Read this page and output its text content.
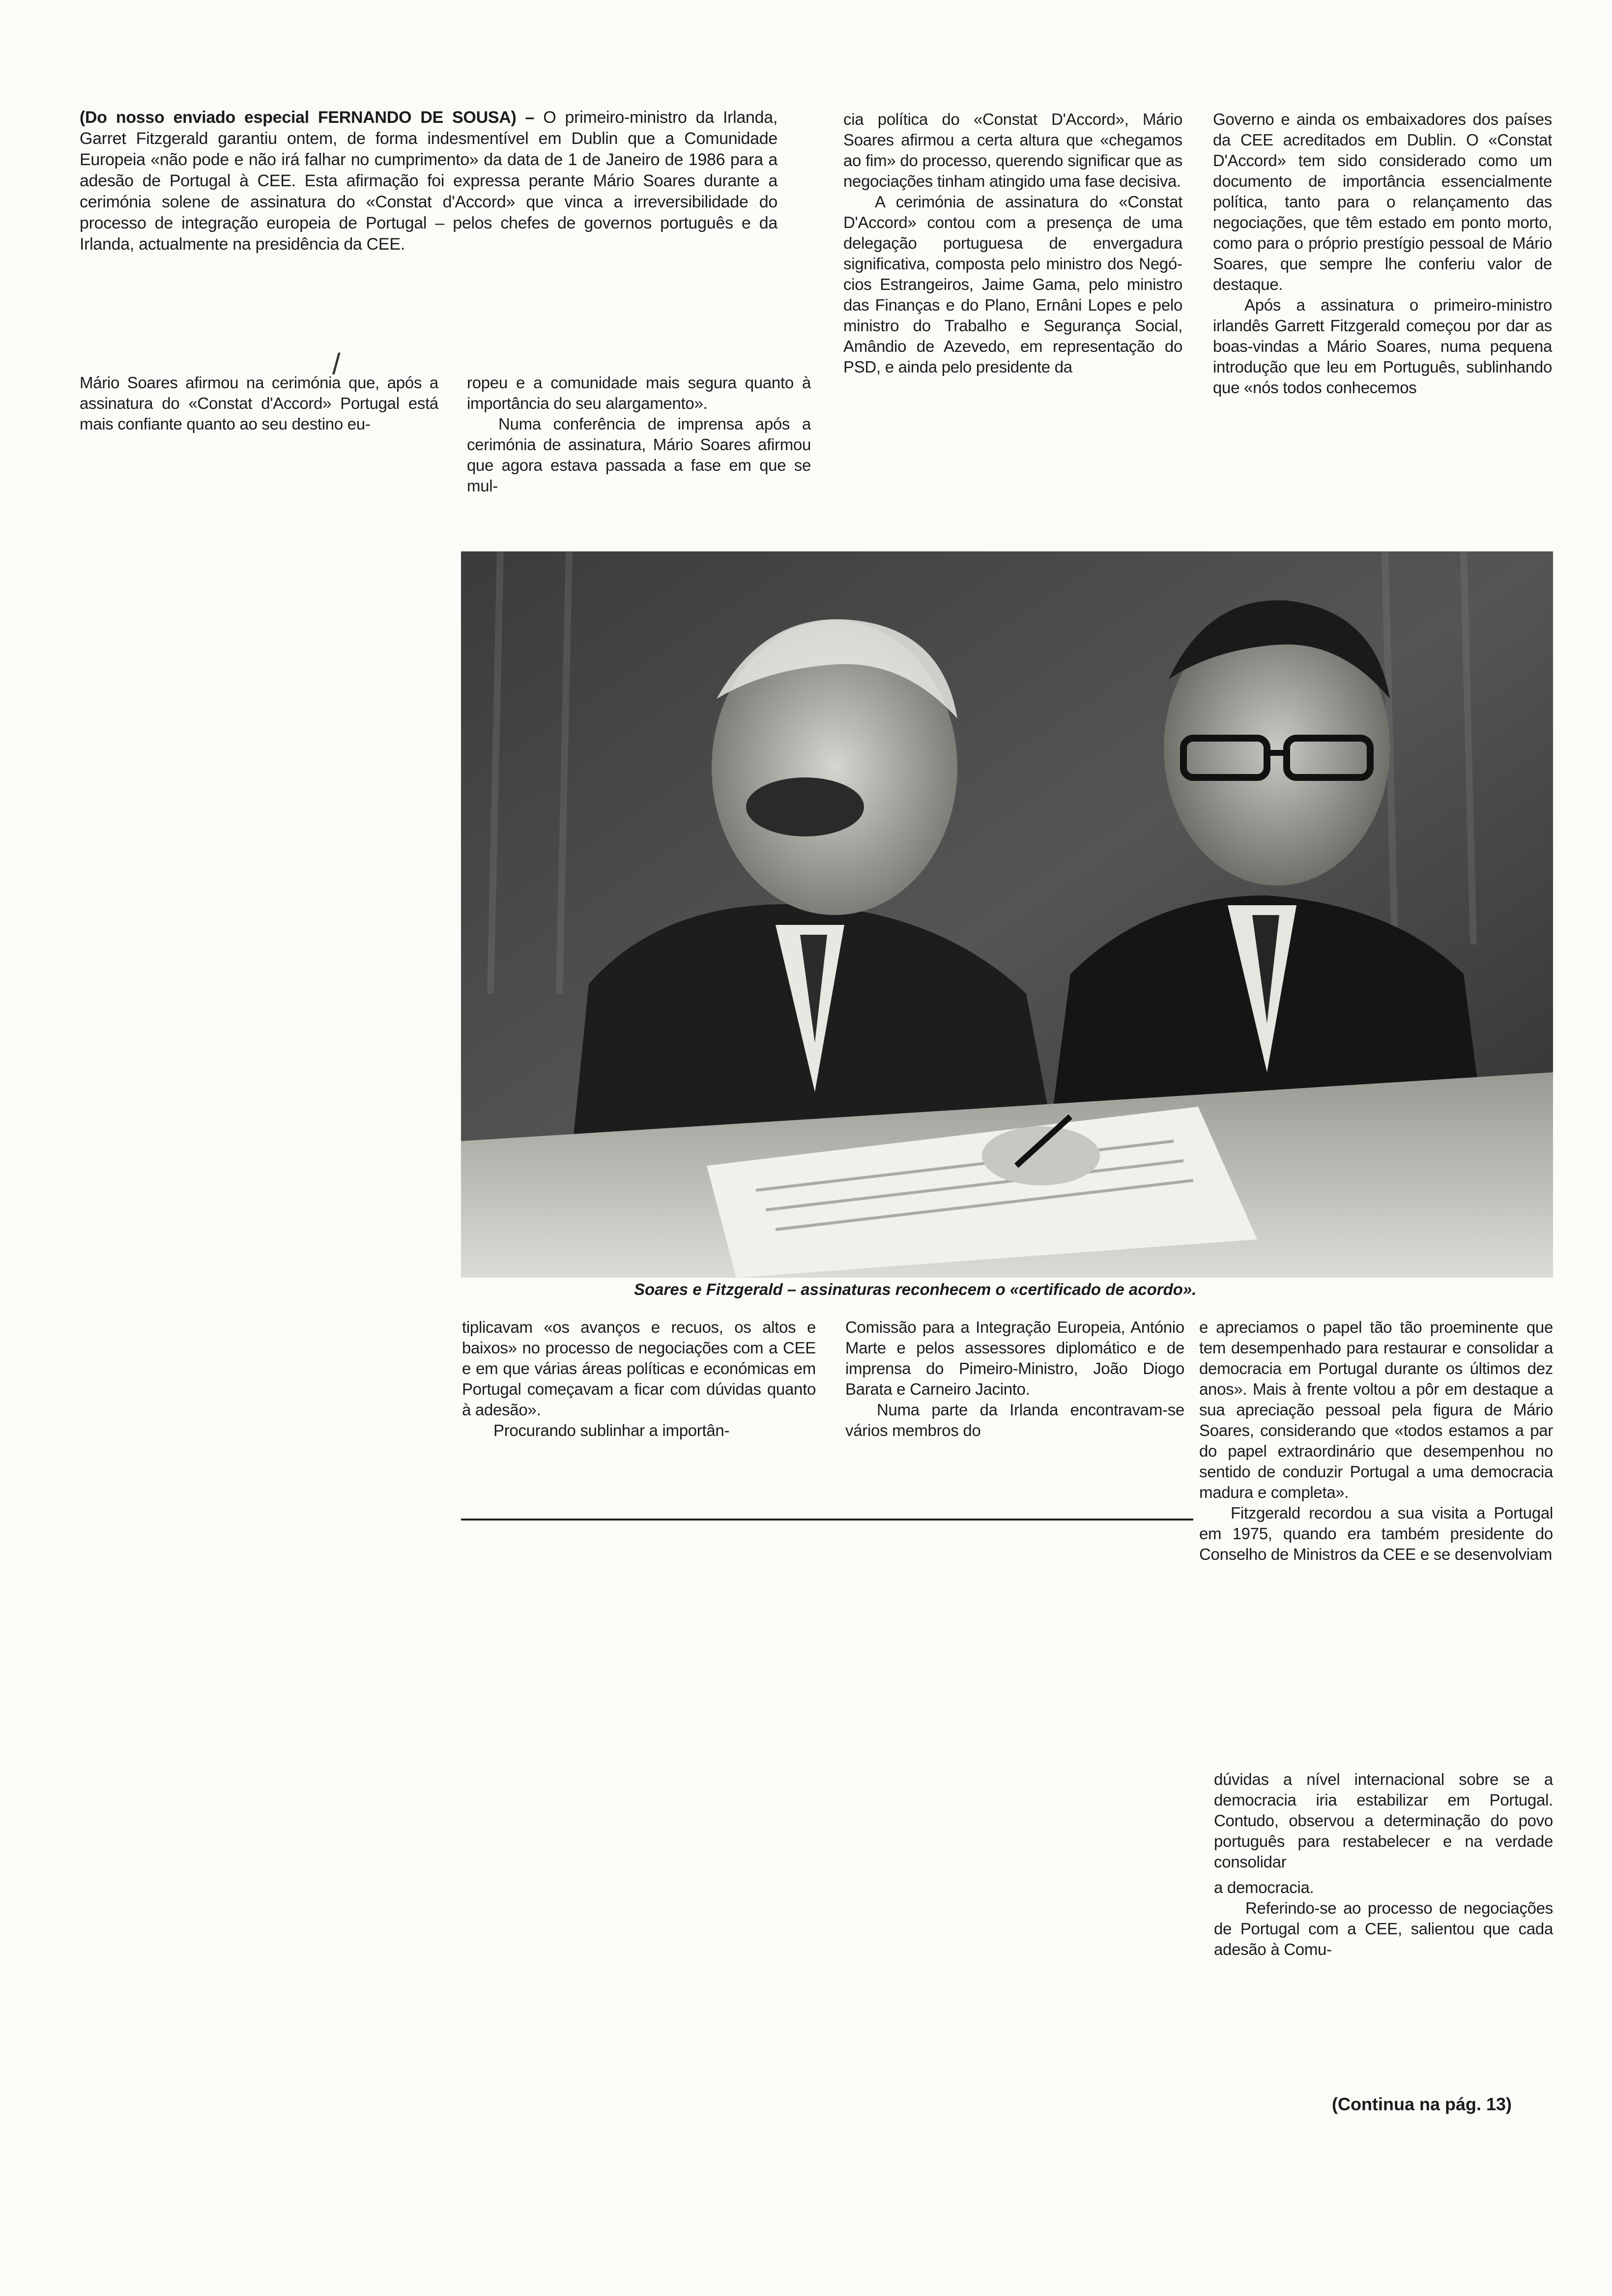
(Do nosso enviado especial FERNANDO DE SOUSA) – O primeiro-ministro da Irlanda, Garret Fitzgerald garantiu ontem, de forma indesmentível em Dublin que a Comunidade Europeia «não pode e não irá falhar no cumprimento» da data de 1 de Janeiro de 1986 para a adesão de Portugal à CEE. Esta afirmação foi expressa perante Mário Soares durante a cerimónia solene de assinatura do «Constat d'Accord» que vinca a irreversibilidade do processo de integração europeia de Portugal – pelos chefes de governos português e da Irlanda, actualmente na presidência da CEE.

/

Mário Soares afirmou na cerimónia que, após a assinatura do «Constat d'Accord» Portugal está mais confiante quanto ao seu destino eu-

ropeu e a comunidade mais segura quanto à importância do seu alargamento».

Numa conferência de imprensa após a cerimónia de assinatura, Mário Soares afirmou que agora estava passada a fase em que se mul-

cia política do «Constat D'Accord», Mário Soares afirmou a certa altura que «chegamos ao fim» do processo, querendo significar que as negociações tinham atingido uma fase decisiva.

A cerimónia de assinatura do «Constat D'Accord» contou com a presença de uma delegação portuguesa de envergadura significativa, composta pelo ministro dos Negócios Estrangeiros, Jaime Gama, pelo ministro das Finanças e do Plano, Ernâni Lopes e pelo ministro do Trabalho e Segurança Social, Amândio de Azevedo, em representação do PSD, e ainda pelo presidente da

Governo e ainda os embaixadores dos países da CEE acreditados em Dublin. O «Constat D'Accord» tem sido considerado como um documento de importância essencialmente política, tanto para o relançamento das negociações, que têm estado em ponto morto, como para o próprio prestígio pessoal de Mário Soares, que sempre lhe conferiu valor de destaque.

Após a assinatura o primeiro-ministro irlandês Garrett Fitzgerald começou por dar as boas-vindas a Mário Soares, numa pequena introdução que leu em Português, sublinhando que «nós todos conhecemos

Soares e Fitzgerald – assinaturas reconhecem o «certificado de acordo».

tiplicavam «os avanços e recuos, os altos e baixos» no processo de negociações com a CEE e em que várias áreas políticas e económicas em Portugal começavam a ficar com dúvidas quanto à adesão».

Procurando sublinhar a importân-

Comissão para a Integração Europeia, António Marte e pelos assessores diplomático e de imprensa do Pimeiro-Ministro, João Diogo Barata e Carneiro Jacinto.

Numa parte da Irlanda encontravam-se vários membros do

e apreciamos o papel tão tão proeminente que tem desempenhado para restaurar e consolidar a democracia em Portugal durante os últimos dez anos». Mais à frente voltou a pôr em destaque a sua apreciação pessoal pela figura de Mário Soares, considerando que «todos estamos a par do papel extraordinário que desempenhou no sentido de conduzir Portugal a uma democracia madura e completa».

Fitzgerald recordou a sua visita a Portugal em 1975, quando era também presidente do Conselho de Ministros da CEE e se desenvolviam

dúvidas a nível internacional sobre se a democracia iria estabilizar em Portugal. Contudo, observou a determinação do povo português para restabelecer e na verdade consolidar

a democracia.

Referindo-se ao processo de negociações de Portugal com a CEE, salientou que cada adesão à Comu-

(Continua na pág. 13)
